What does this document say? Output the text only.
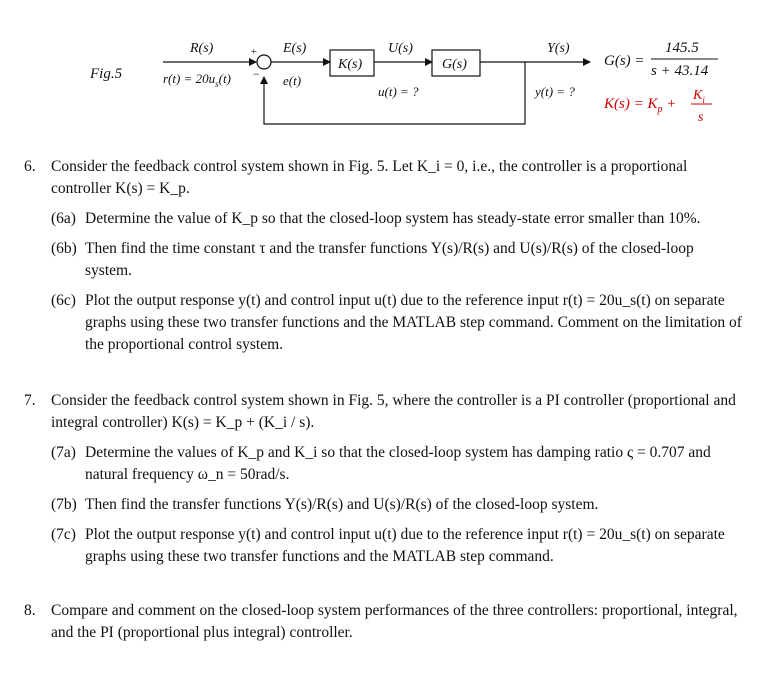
Fig.5
R(s)
$r(t) = 20u_s(t)$
+
−
E(s)
e(t)
K(s)
U(s)
u(t) = ?
G(s)
Y(s)
y(t) = ?
G(s) =
145.5
s + 43.14
$K(s) = K_p$ +
$K_i$
s
6. Consider the feedback control system shown in Fig. 5. Let K_i = 0, i.e., the controller is a proportional controller K(s) = K_p.
(6a) Determine the value of K_p so that the closed-loop system has steady-state error smaller than 10%.
(6b) Then find the time constant τ and the transfer functions Y(s)/R(s) and U(s)/R(s) of the closed-loop system.
(6c) Plot the output response y(t) and control input u(t) due to the reference input r(t) = 20u_s(t) on separate graphs using these two transfer functions and the MATLAB step command. Comment on the limitation of the proportional control system.
7. Consider the feedback control system shown in Fig. 5, where the controller is a PI controller (proportional and integral controller) K(s) = K_p + (K_i / s).
(7a) Determine the values of K_p and K_i so that the closed-loop system has damping ratio ς = 0.707 and natural frequency ω_n = 50rad/s.
(7b) Then find the transfer functions Y(s)/R(s) and U(s)/R(s) of the closed-loop system.
(7c) Plot the output response y(t) and control input u(t) due to the reference input r(t) = 20u_s(t) on separate graphs using these two transfer functions and the MATLAB step command.
8. Compare and comment on the closed-loop system performances of the three controllers: proportional, integral, and the PI (proportional plus integral) controller.
